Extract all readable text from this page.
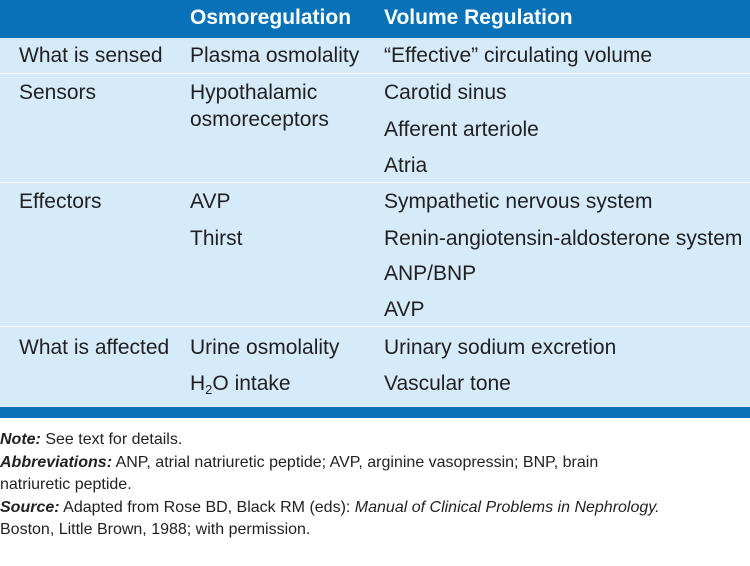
Osmoregulation Volume Regulation
What is sensed Plasma osmolality “Effective” circulating volume
Sensors	Hypothalamic
osmoreceptors
Carotid sinus
Afferent arteriole
Atria
Effectors	AVP
Thirst
Sympathetic nervous system
Renin-angiotensin-aldosterone system
ANP/BNP
AVP
What is affected Urine osmolality
$H_2O$ intake
Urinary sodium excretion
Vascular tone
Note: See text for details.
Abbreviations: ANP, atrial natriuretic peptide; AVP, arginine vasopressin; BNP, brain
natriuretic peptide.
Source: Adapted from Rose BD, Black RM (eds): Manual of Clinical Problems in Nephrology.
Boston, Little Brown, 1988; with permission.
